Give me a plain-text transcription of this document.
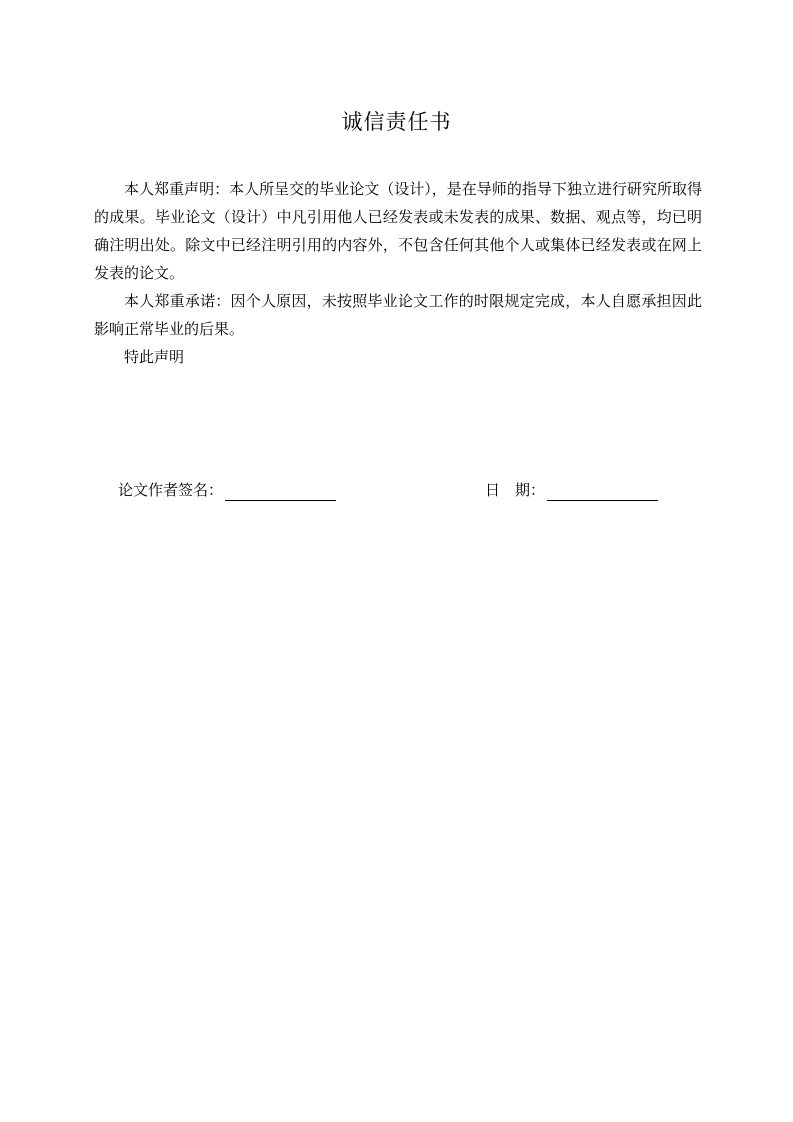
诚信责任书

本人郑重声明：本人所呈交的毕业论文（设计），是在导师的指导下独立进行研究所取得的成果。毕业论文（设计）中凡引用他人已经发表或未发表的成果、数据、观点等，均已明确注明出处。除文中已经注明引用的内容外，不包含任何其他个人或集体已经发表或在网上发表的论文。

本人郑重承诺：因个人原因，未按照毕业论文工作的时限规定完成，本人自愿承担因此影响正常毕业的后果。

特此声明

论文作者签名：	日　期：
